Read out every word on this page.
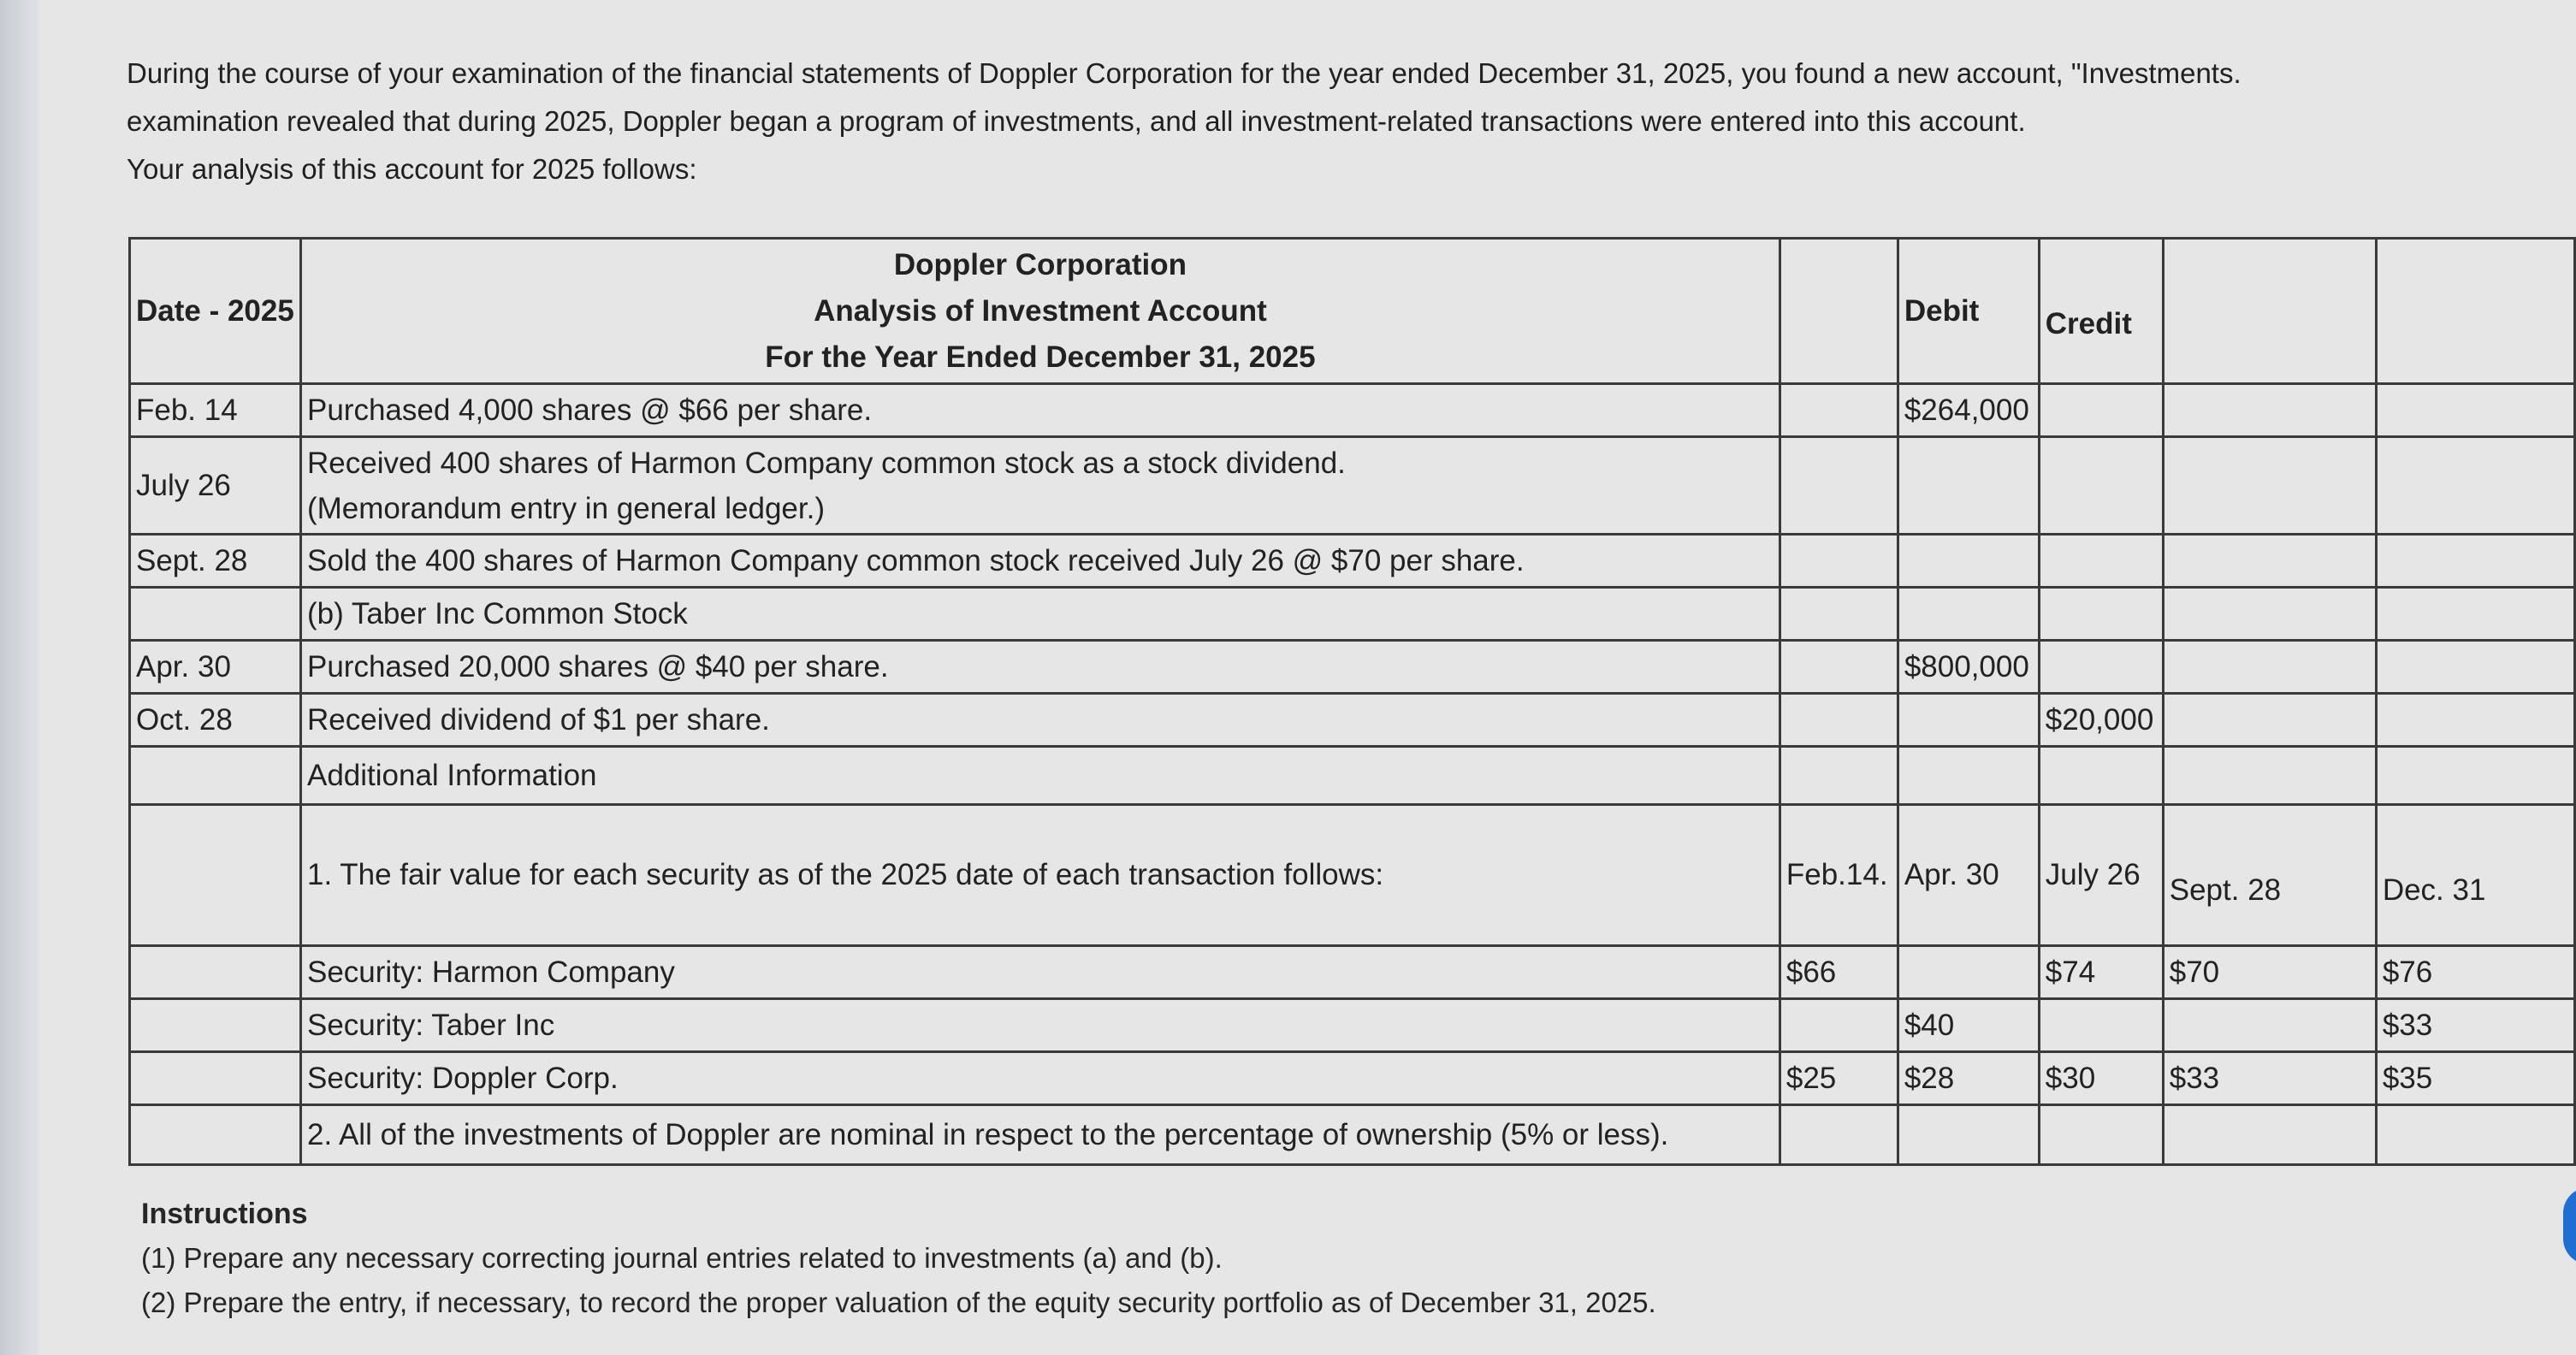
During the course of your examination of the financial statements of Doppler Corporation for the year ended December 31, 2025, you found a new account, "Investments.
examination revealed that during 2025, Doppler began a program of investments, and all investment-related transactions were entered into this account.
Your analysis of this account for 2025 follows:
Date - 2025	Doppler Corporation
Analysis of Investment Account
For the Year Ended December 31, 2025		Debit	Credit		
Feb. 14	Purchased 4,000 shares @ $66 per share.		$264,000			
July 26	Received 400 shares of Harmon Company common stock as a stock dividend.
(Memorandum entry in general ledger.)					

Sept. 28	Sold the 400 shares of Harmon Company common stock received July 26 @ $70 per share.					
	(b) Taber Inc Common Stock					
Apr. 30	Purchased 20,000 shares @ $40 per share.		$800,000			
Oct. 28	Received dividend of $1 per share.			$20,000		
	Additional Information					
	1. The fair value for each security as of the 2025 date of each transaction follows:	Feb.14.	Apr. 30	July 26	Sept. 28	Dec. 31
	Security: Harmon Company	$66		$74	$70	$76
	Security: Taber Inc		$40			$33
	Security: Doppler Corp.	$25	$28	$30	$33	$35
	2. All of the investments of Doppler are nominal in respect to the percentage of ownership (5% or less).					
Instructions
(1) Prepare any necessary correcting journal entries related to investments (a) and (b).
(2) Prepare the entry, if necessary, to record the proper valuation of the equity security portfolio as of December 31, 2025.
